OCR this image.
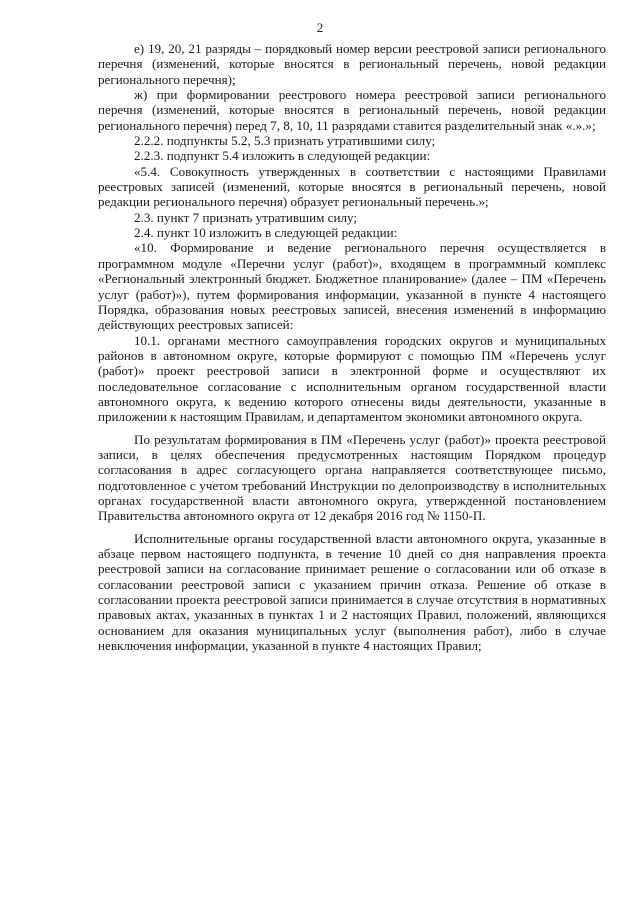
2

е) 19, 20, 21 разряды – порядковый номер версии реестровой записи регионального перечня (изменений, которые вносятся в региональный перечень, новой редакции регионального перечня);

ж) при формировании реестрового номера реестровой записи регионального перечня (изменений, которые вносятся в региональный перечень, новой редакции регионального перечня) перед 7, 8, 10, 11 разрядами ставится разделительный знак «.».»;

2.2.2. подпункты 5.2, 5.3 признать утратившими силу;

2.2.3. подпункт 5.4 изложить в следующей редакции:

«5.4. Совокупность утвержденных в соответствии с настоящими Правилами реестровых записей (изменений, которые вносятся в региональный перечень, новой редакции регионального перечня) образует региональный перечень.»;

2.3. пункт 7 признать утратившим силу;

2.4. пункт 10 изложить в следующей редакции:

«10. Формирование и ведение регионального перечня осуществляется в программном модуле «Перечни услуг (работ)», входящем в программный комплекс «Региональный электронный бюджет. Бюджетное планирование» (далее – ПМ «Перечень услуг (работ)»), путем формирования информации, указанной в пункте 4 настоящего Порядка, образования новых реестровых записей, внесения изменений в информацию действующих реестровых записей:

10.1. органами местного самоуправления городских округов и муниципальных районов в автономном округе, которые формируют с помощью ПМ «Перечень услуг (работ)» проект реестровой записи в электронной форме и осуществляют их последовательное согласование с исполнительным органом государственной власти автономного округа, к ведению которого отнесены виды деятельности, указанные в приложении к настоящим Правилам, и департаментом экономики автономного округа.

По результатам формирования в ПМ «Перечень услуг (работ)» проекта реестровой записи, в целях обеспечения предусмотренных настоящим Порядком процедур согласования в адрес согласующего органа направляется соответствующее письмо, подготовленное с учетом требований Инструкции по делопроизводству в исполнительных органах государственной власти автономного округа, утвержденной постановлением Правительства автономного округа от 12 декабря 2016 год № 1150-П.

Исполнительные органы государственной власти автономного округа, указанные в абзаце первом настоящего подпункта, в течение 10 дней со дня направления проекта реестровой записи на согласование принимает решение о согласовании или об отказе в согласовании реестровой записи с указанием причин отказа. Решение об отказе в согласовании проекта реестровой записи принимается в случае отсутствия в нормативных правовых актах, указанных в пунктах 1 и 2 настоящих Правил, положений, являющихся основанием для оказания муниципальных услуг (выполнения работ), либо в случае невключения информации, указанной в пункте 4 настоящих Правил;
